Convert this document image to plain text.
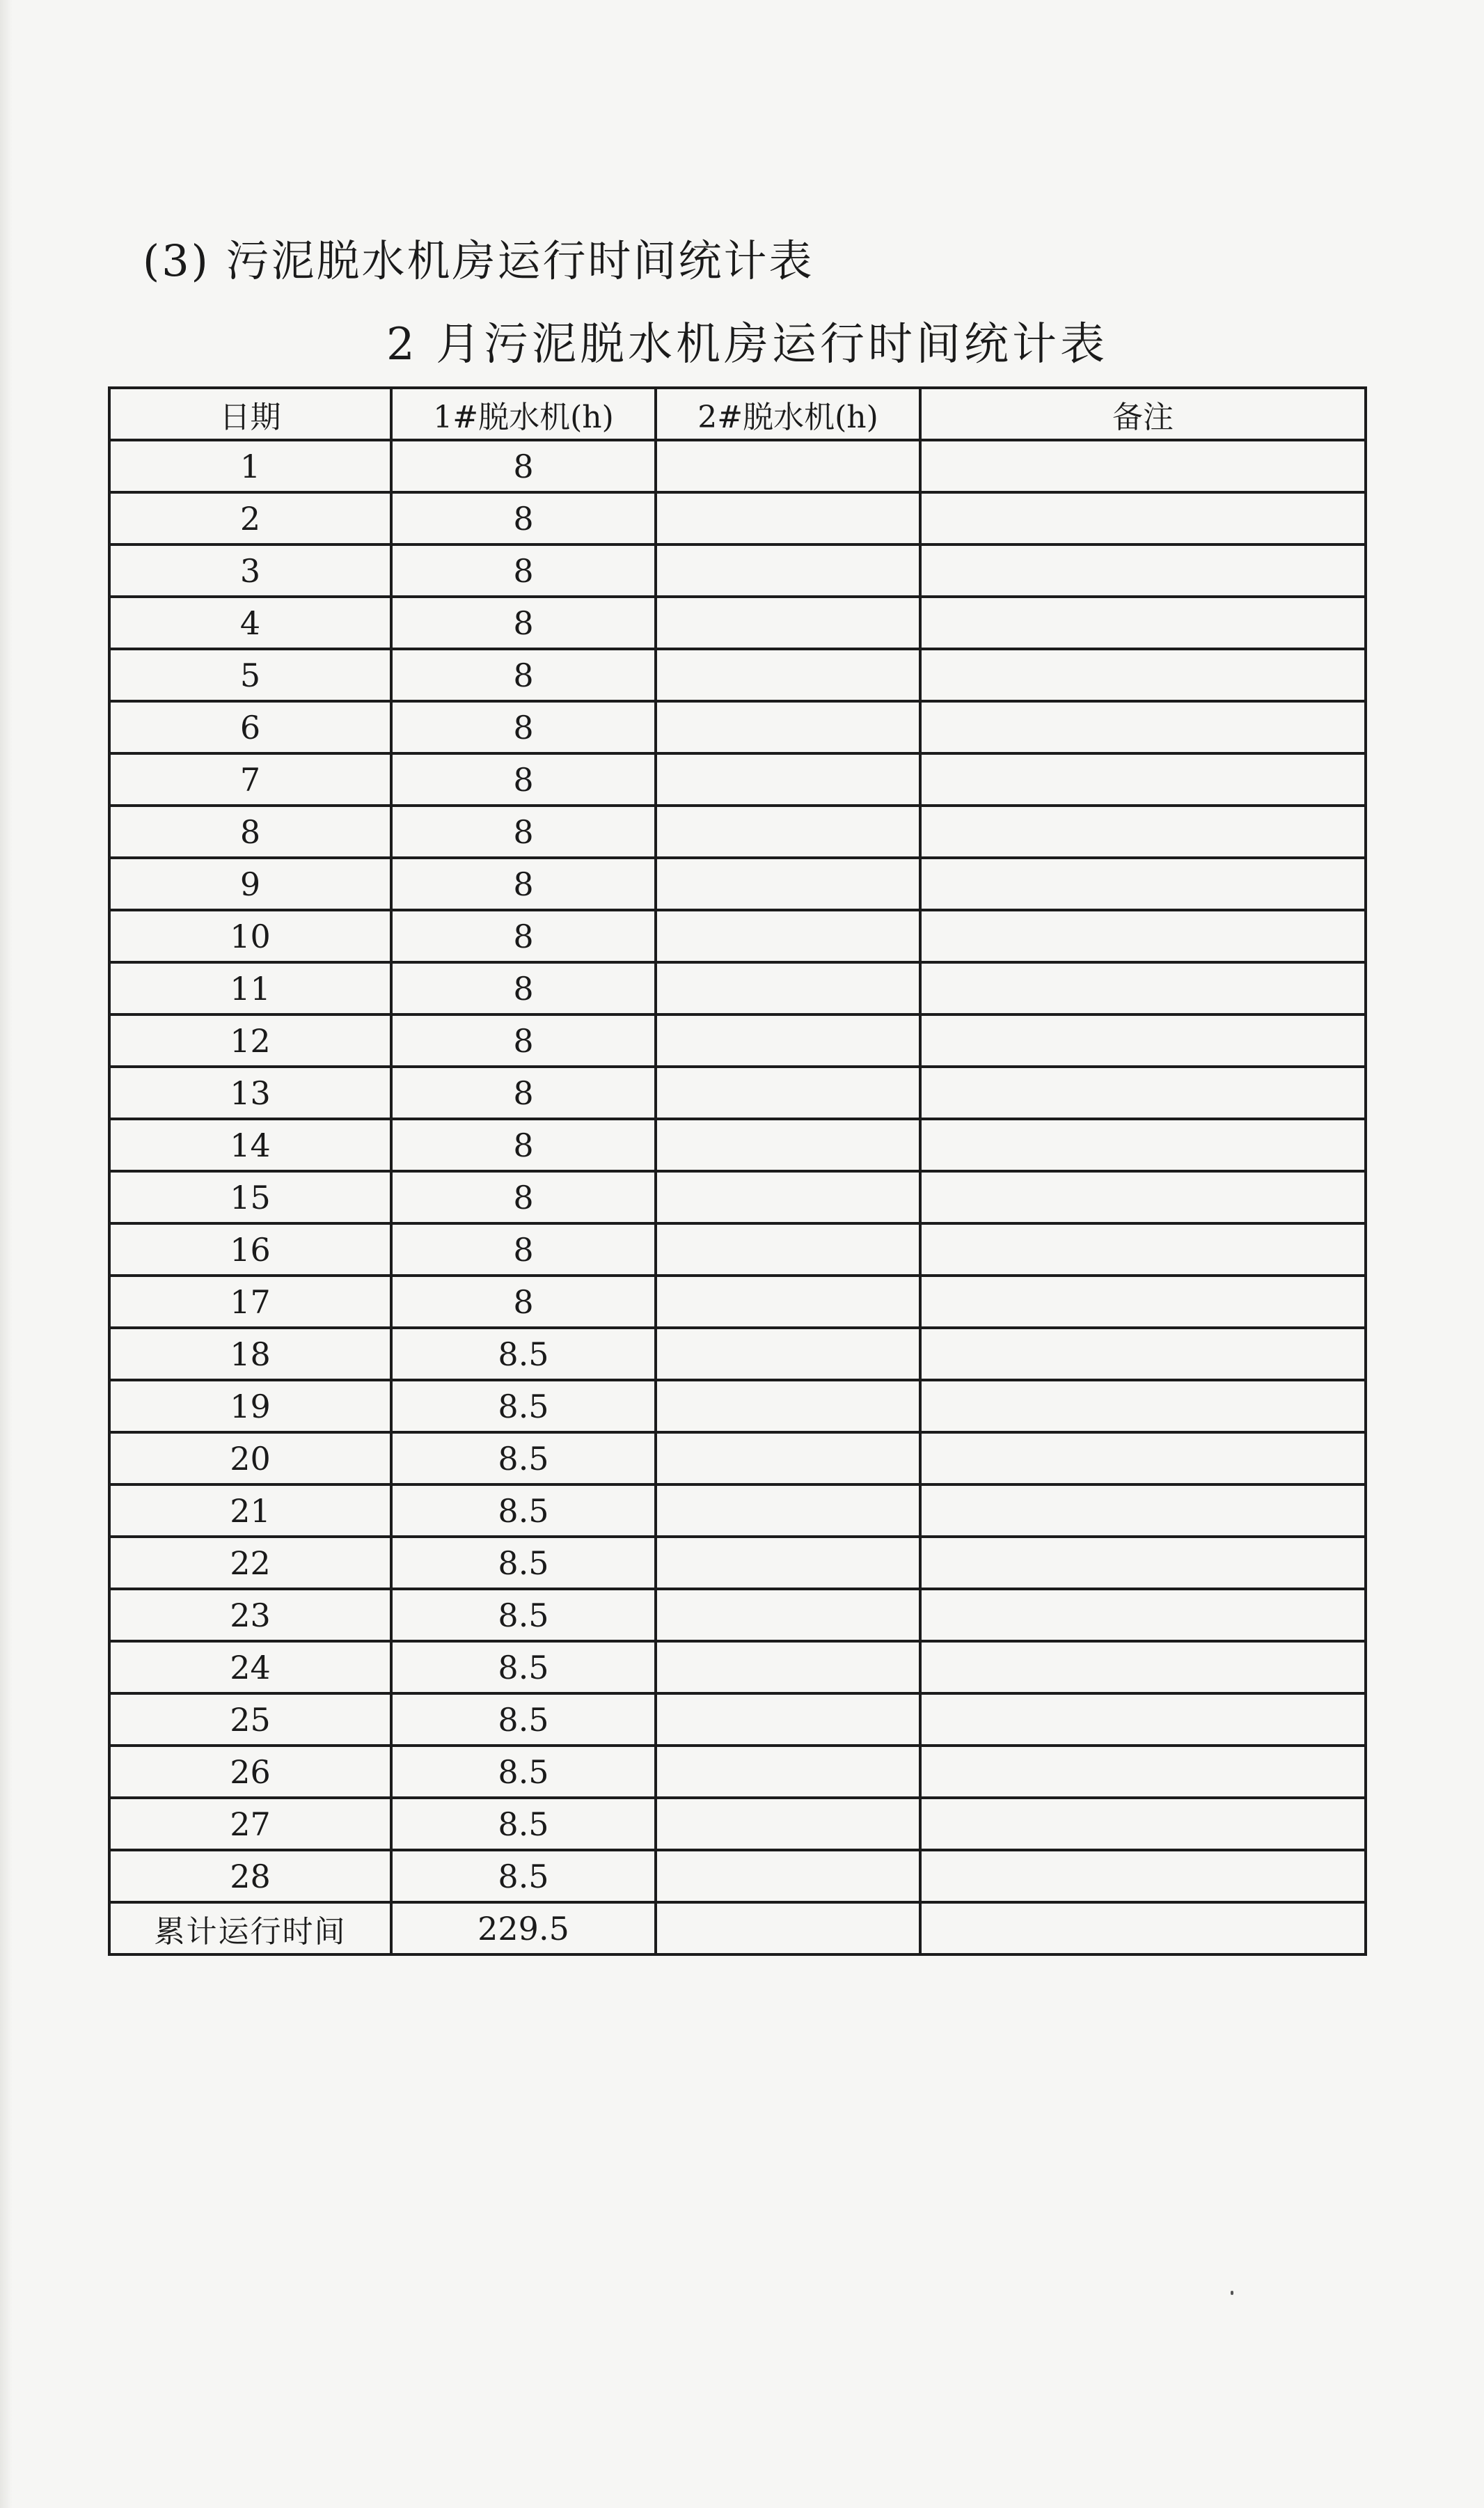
(3) 污泥脱水机房运行时间统计表
2 月污泥脱水机房运行时间统计表
日期	1#脱水机(h)	2#脱水机(h)	备注
1	8		
2	8		
3	8		
4	8		
5	8		
6	8		
7	8		
8	8		
9	8		
10	8		
11	8		
12	8		
13	8		
14	8		
15	8		
16	8		
17	8		
18	8.5		
19	8.5		
20	8.5		
21	8.5		
22	8.5		
23	8.5		
24	8.5		
25	8.5		
26	8.5		
27	8.5		
28	8.5		
累计运行时间	229.5		
